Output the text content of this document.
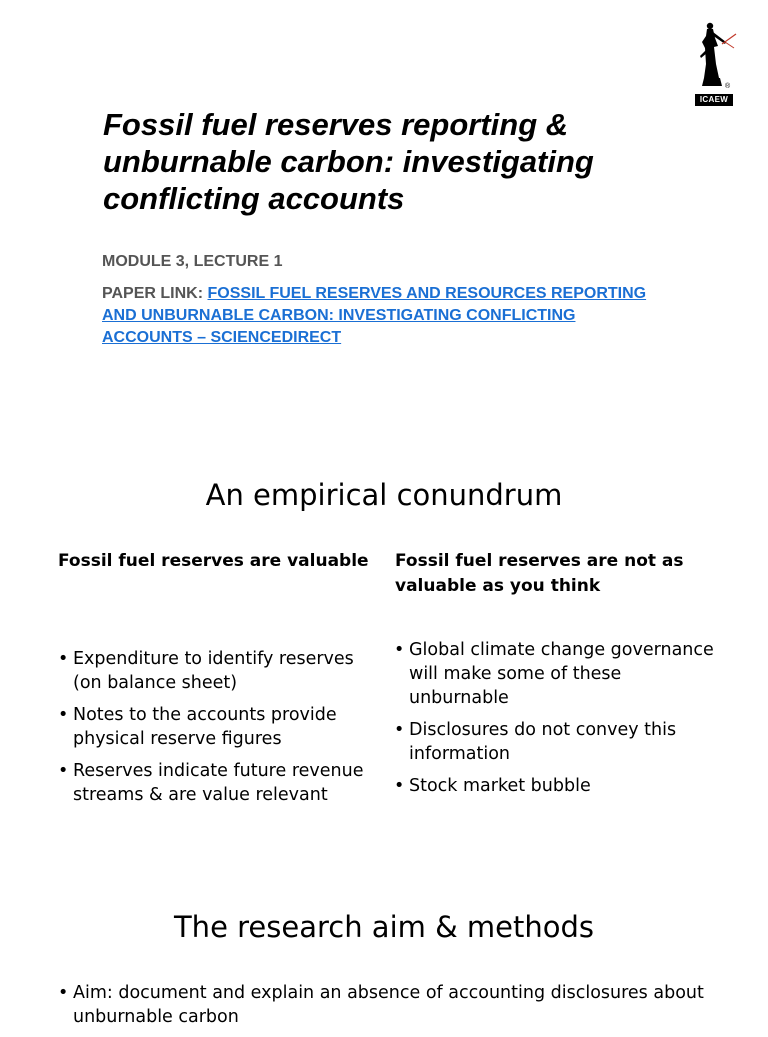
®
ICAEW
Fossil fuel reserves reporting & unburnable carbon: investigating conflicting accounts
MODULE 3, LECTURE 1
PAPER LINK: FOSSIL FUEL RESERVES AND RESOURCES REPORTING AND UNBURNABLE CARBON: INVESTIGATING CONFLICTING ACCOUNTS – SCIENCEDIRECT
An empirical conundrum
Fossil fuel reserves are valuable	Fossil fuel reserves are not as valuable as you think
• Expenditure to identify reserves (on balance sheet)
• Notes to the accounts provide physical reserve figures
• Reserves indicate future revenue streams & are value relevant
• Global climate change governance will make some of these unburnable
• Disclosures do not convey this information
• Stock market bubble
The research aim & methods
• Aim: document and explain an absence of accounting disclosures about unburnable carbon
